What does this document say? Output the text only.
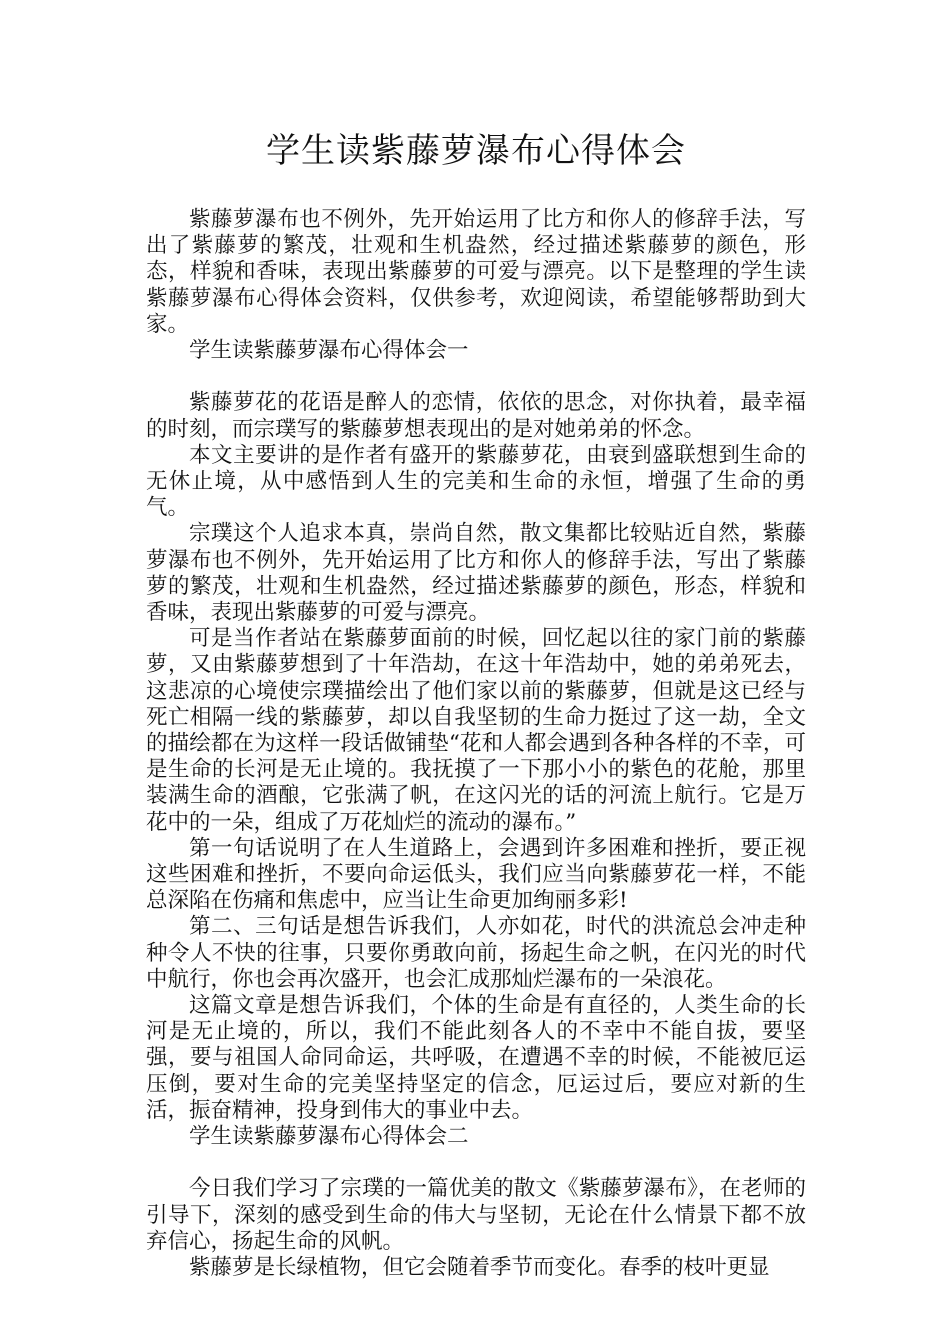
学生读紫藤萝瀑布心得体会

紫藤萝瀑布也不例外，先开始运用了比方和你人的修辞手法，写出了紫藤萝的繁茂，壮观和生机盎然，经过描述紫藤萝的颜色，形态，样貌和香味，表现出紫藤萝的可爱与漂亮。以下是整理的学生读紫藤萝瀑布心得体会资料，仅供参考，欢迎阅读，希望能够帮助到大家。

学生读紫藤萝瀑布心得体会一

紫藤萝花的花语是醉人的恋情，依依的思念，对你执着，最幸福的时刻，而宗璞写的紫藤萝想表现出的是对她弟弟的怀念。

本文主要讲的是作者有盛开的紫藤萝花，由衰到盛联想到生命的无休止境，从中感悟到人生的完美和生命的永恒，增强了生命的勇气。

宗璞这个人追求本真，崇尚自然，散文集都比较贴近自然，紫藤萝瀑布也不例外，先开始运用了比方和你人的修辞手法，写出了紫藤萝的繁茂，壮观和生机盎然，经过描述紫藤萝的颜色，形态，样貌和香味，表现出紫藤萝的可爱与漂亮。

可是当作者站在紫藤萝面前的时候，回忆起以往的家门前的紫藤萝，又由紫藤萝想到了十年浩劫，在这十年浩劫中，她的弟弟死去，这悲凉的心境使宗璞描绘出了他们家以前的紫藤萝，但就是这已经与死亡相隔一线的紫藤萝，却以自我坚韧的生命力挺过了这一劫，全文的描绘都在为这样一段话做铺垫“花和人都会遇到各种各样的不幸，可是生命的长河是无止境的。我抚摸了一下那小小的紫色的花舱，那里装满生命的酒酿，它张满了帆，在这闪光的话的河流上航行。它是万花中的一朵，组成了万花灿烂的流动的瀑布。”

第一句话说明了在人生道路上，会遇到许多困难和挫折，要正视这些困难和挫折，不要向命运低头，我们应当向紫藤萝花一样，不能总深陷在伤痛和焦虑中，应当让生命更加绚丽多彩!

第二、三句话是想告诉我们，人亦如花，时代的洪流总会冲走种种令人不快的往事，只要你勇敢向前，扬起生命之帆，在闪光的时代中航行，你也会再次盛开，也会汇成那灿烂瀑布的一朵浪花。

这篇文章是想告诉我们，个体的生命是有直径的，人类生命的长河是无止境的，所以，我们不能此刻各人的不幸中不能自拔，要坚强，要与祖国人命同命运，共呼吸，在遭遇不幸的时候，不能被厄运压倒，要对生命的完美坚持坚定的信念，厄运过后，要应对新的生活，振奋精神，投身到伟大的事业中去。

学生读紫藤萝瀑布心得体会二

今日我们学习了宗璞的一篇优美的散文《紫藤萝瀑布》，在老师的引导下，深刻的感受到生命的伟大与坚韧，无论在什么情景下都不放弃信心，扬起生命的风帆。

紫藤萝是长绿植物，但它会随着季节而变化。春季的枝叶更显
